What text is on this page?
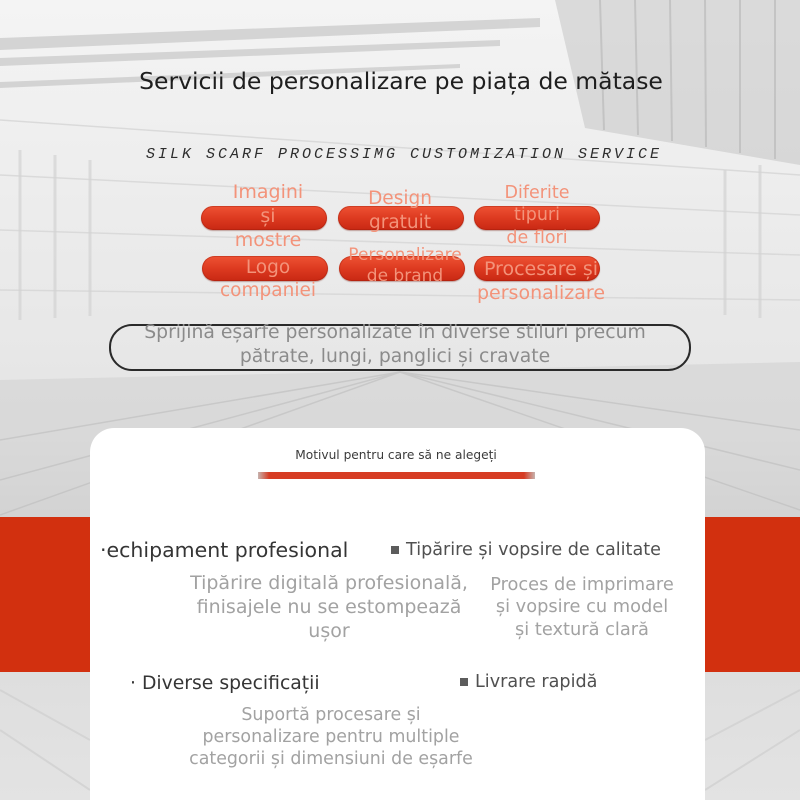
Servicii de personalizare pe piața de mătase
SILK SCARF PROCESSIMG CUSTOMIZATION SERVICE
Imagini
și
mostre
Design
gratuit
Diferite
tipuri
de flori
Logo
companiei
Personalizare
de brand	Procesare și
personalizare
Sprijină eșarfe personalizate în diverse stiluri precum
pătrate, lungi, panglici și cravate
Motivul pentru care să ne alegeți
·echipament profesional
Tipărire digitală profesională,
finisajele nu se estompează
ușor
Tipărire și vopsire de calitate
Proces de imprimare
și vopsire cu model
și textură clară
· Diverse specificații
Suportă procesare și
personalizare pentru multiple
categorii și dimensiuni de eșarfe
Livrare rapidă
